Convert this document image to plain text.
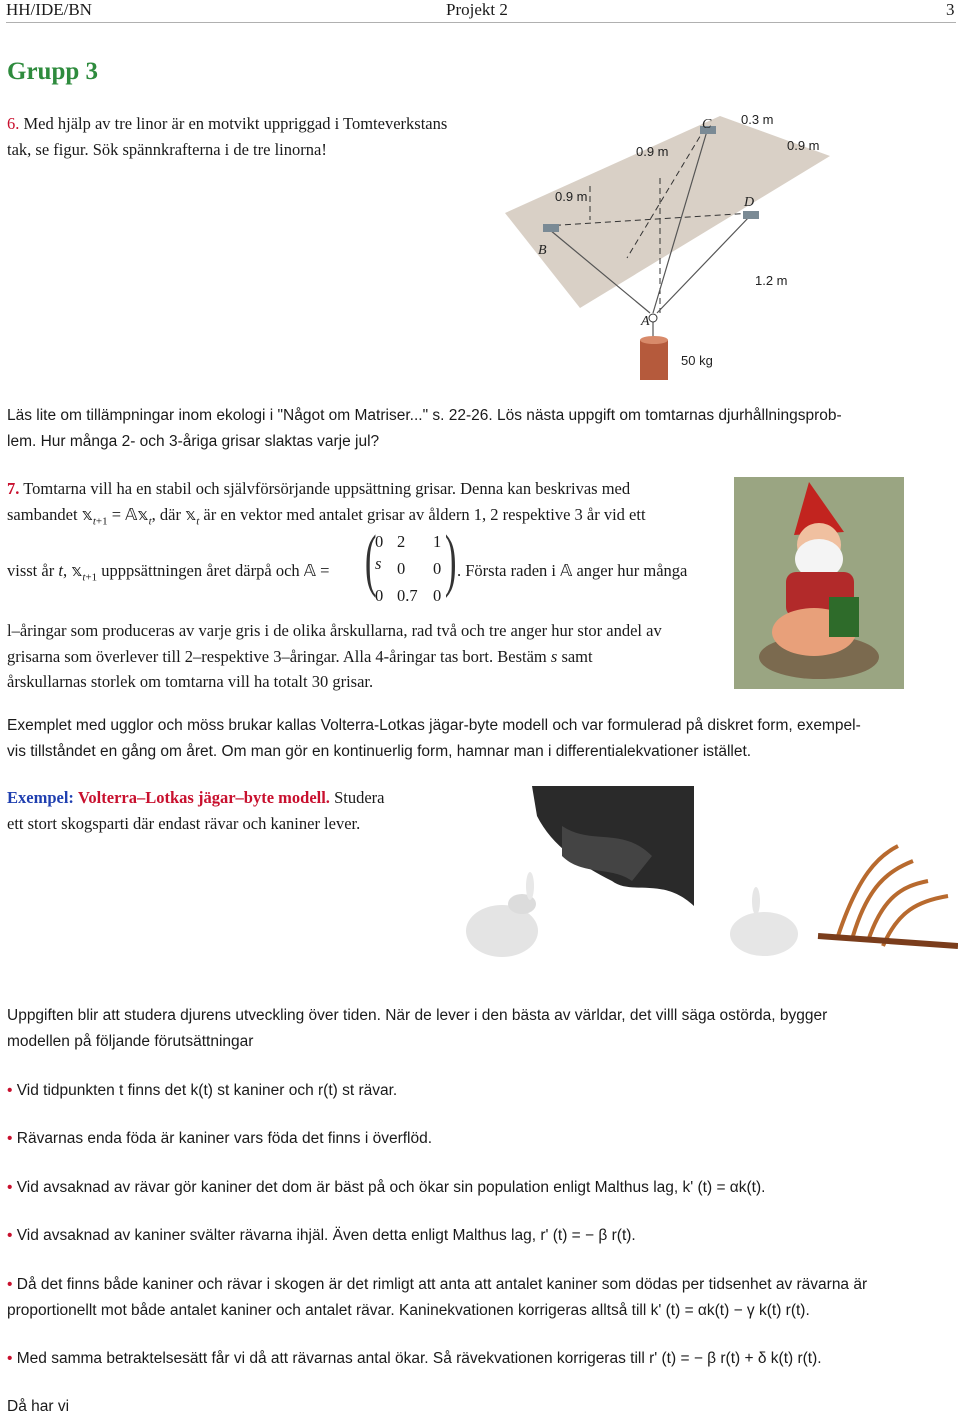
HH/IDE/BN	Projekt 2	3
Grupp 3
6. Med hjälp av tre linor är en motvikt uppriggad i Tomteverkstans
tak, se figur. Sök spännkrafterna i de tre linorna!
C
B
D
A
0.3 m
0.9 m	0.9 m
0.9 m
1.2 m
50 kg
Läs lite om tillämpningar inom ekologi i "Något om Matriser..." s. 22-26. Lös nästa uppgift om tomtarnas djurhållningsprob-
lem. Hur många 2- och 3-åriga grisar slaktas varje jul?
7. Tomtarna vill ha en stabil och självförsörjande uppsättning grisar. Denna kan beskrivas med
sambandet 𝕩$_{t+1}$ = 𝔸𝕩$_t$, där 𝕩$_t$ är en vektor med antalet grisar av åldern 1, 2 respektive 3 år vid ett
visst år t, 𝕩$_{t+1}$ upppsättningen året därpå och 𝔸 = ( )
0 2 1
s 0 0
0 0.7 0
. Första raden i 𝔸 anger hur många
l–åringar som produceras av varje gris i de olika årskullarna, rad två och tre anger hur stor andel av
grisarna som överlever till 2–respektive 3–åringar. Alla 4-åringar tas bort. Bestäm s samt
årskullarnas storlek om tomtarna vill ha totalt 30 grisar.
Exemplet med ugglor och möss brukar kallas Volterra-Lotkas jägar-byte modell och var formulerad på diskret form, exempel-
vis tillståndet en gång om året. Om man gör en kontinuerlig form, hamnar man i differentialekvationer istället.
Exempel: Volterra–Lotkas jägar–byte modell. Studera
ett stort skogsparti där endast rävar och kaniner lever.
Uppgiften blir att studera djurens utveckling över tiden. När de lever i den bästa av världar, det villl säga ostörda, bygger
modellen på följande förutsättningar
• Vid tidpunkten t finns det k(t) st kaniner och r(t) st rävar.
• Rävarnas enda föda är kaniner vars föda det finns i överflöd.
• Vid avsaknad av rävar gör kaniner det dom är bäst på och ökar sin population enligt Malthus lag, k' (t) = αk(t).
• Vid avsaknad av kaniner svälter rävarna ihjäl. Även detta enligt Malthus lag, r' (t) = − β r(t).
• Då det finns både kaniner och rävar i skogen är det rimligt att anta att antalet kaniner som dödas per tidsenhet av rävarna är
proportionellt mot både antalet kaniner och antalet rävar. Kaninekvationen korrigeras alltså till k' (t) = αk(t) − γ k(t) r(t).
• Med samma betraktelsesätt får vi då att rävarnas antal ökar. Så rävekvationen korrigeras till r' (t) = − β r(t) + δ k(t) r(t).
Då har vi
